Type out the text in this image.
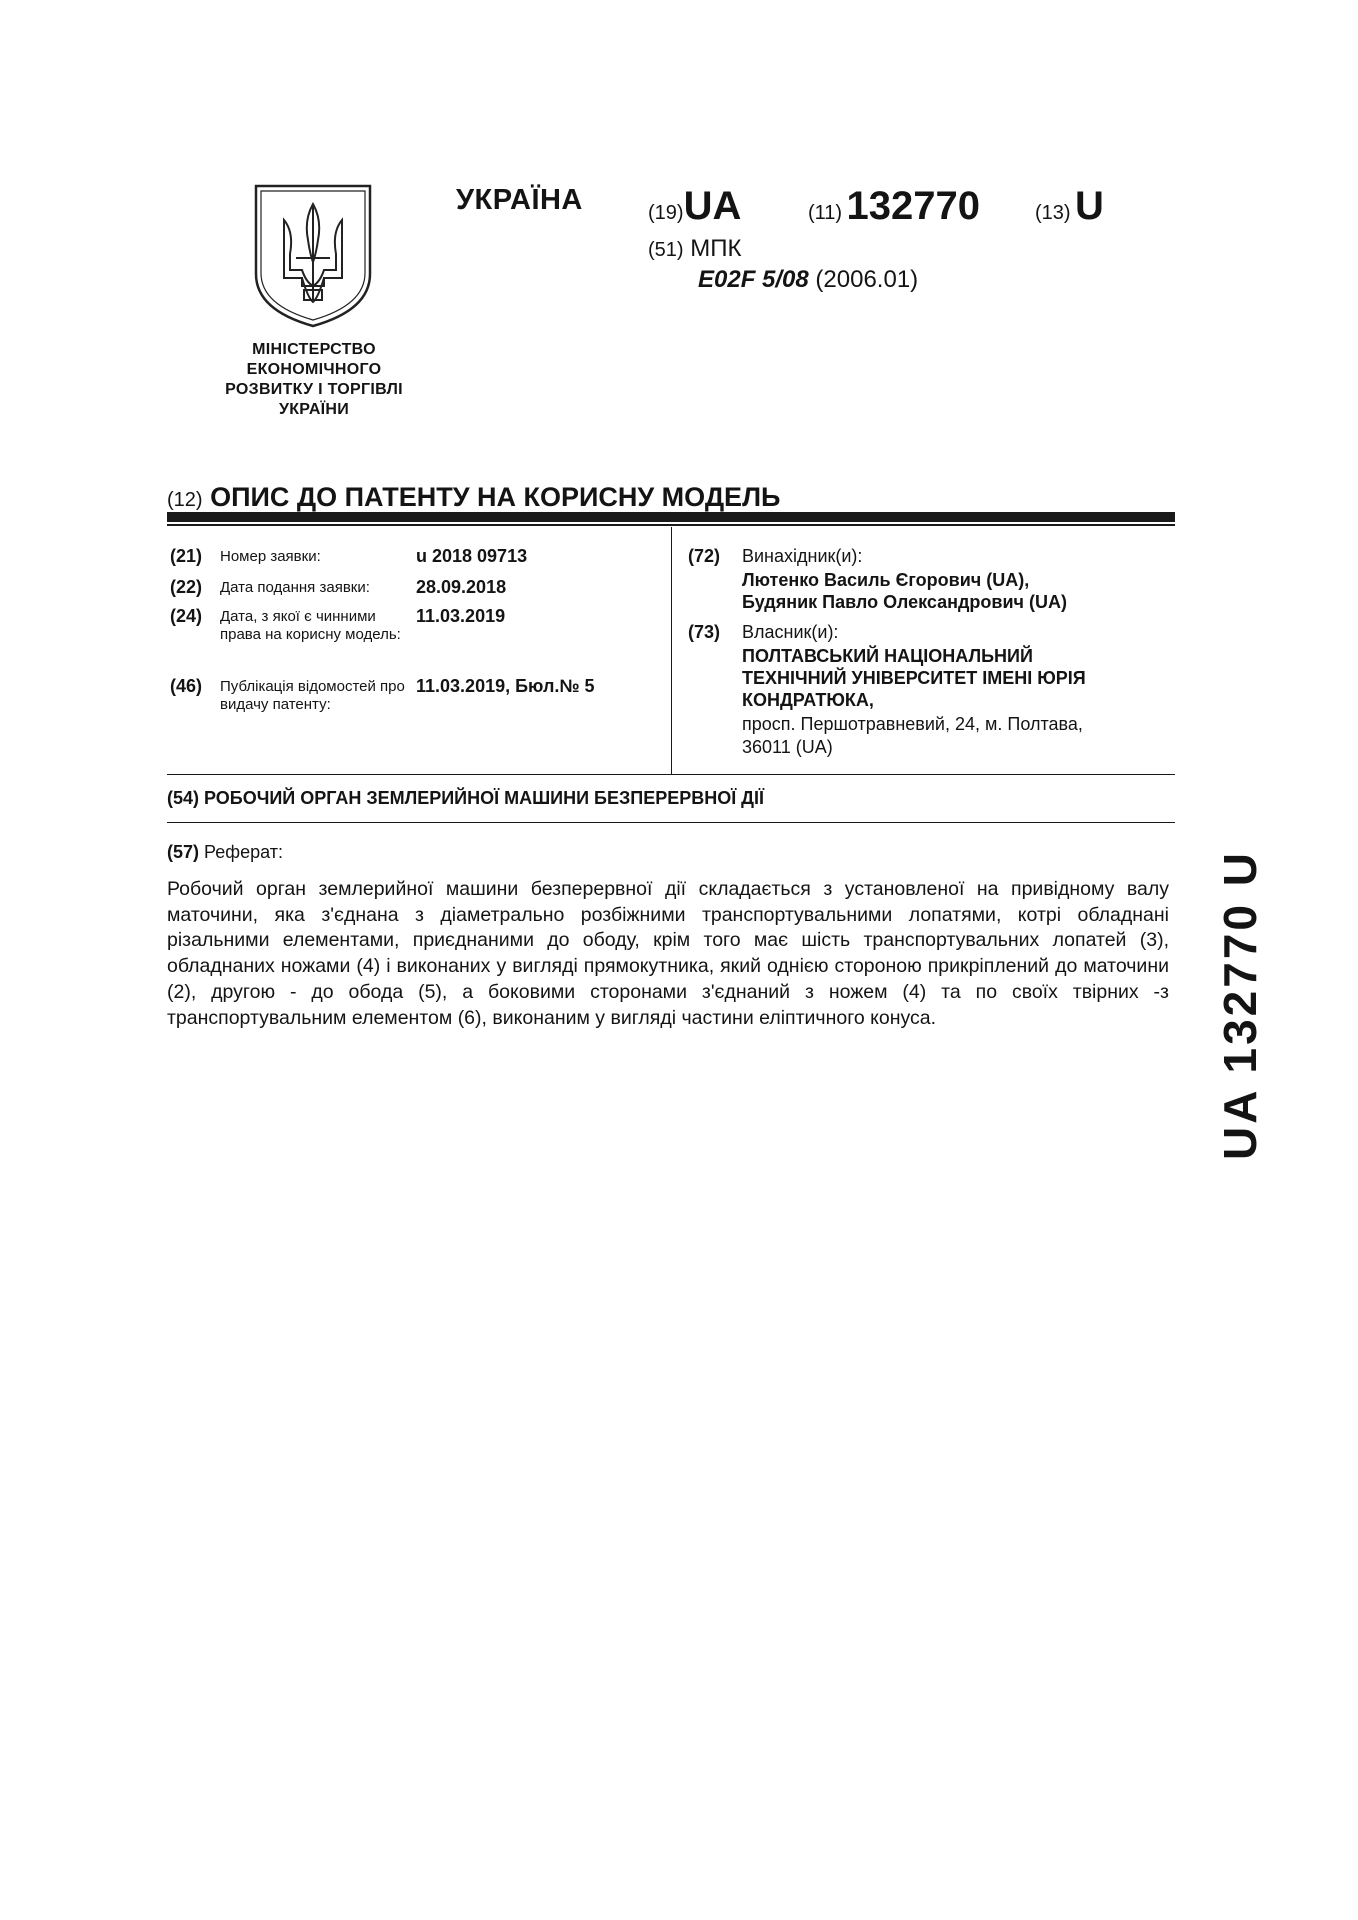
МІНІСТЕРСТВО
ЕКОНОМІЧНОГО
РОЗВИТКУ І ТОРГІВЛІ
УКРАЇНИ
УКРАЇНА	(19)UA	(11) 132770	(13) U
(51) МПК
E02F 5/08 (2006.01)
(12) ОПИС ДО ПАТЕНТУ НА КОРИСНУ МОДЕЛЬ
(21) Номер заявки:	u 2018 09713
(22) Дата подання заявки:	28.09.2018
(24) Дата, з якої є чинними права на корисну модель:
11.03.2019
(46) Публікація відомостей про видачу патенту:
11.03.2019, Бюл.№ 5
(72) Винахідник(и):
Лютенко Василь Єгорович (UA),
Будяник Павло Олександрович (UA)
(73) Власник(и):
ПОЛТАВСЬКИЙ НАЦІОНАЛЬНИЙ
ТЕХНІЧНИЙ УНІВЕРСИТЕТ ІМЕНІ ЮРІЯ
КОНДРАТЮКА,
просп. Першотравневий, 24, м. Полтава,
36011 (UA)
(54) РОБОЧИЙ ОРГАН ЗЕМЛЕРИЙНОЇ МАШИНИ БЕЗПЕРЕРВНОЇ ДІЇ
(57) Реферат:
Робочий орган землерийної машини безперервної дії складається з установленої на привідному валу маточини, яка з'єднана з діаметрально розбіжними транспортувальними лопатями, котрі обладнані різальними елементами, приєднаними до ободу, крім того має шість транспортувальних лопатей (3), обладнаних ножами (4) і виконаних у вигляді прямокутника, який однією стороною прикріплений до маточини (2), другою - до обода (5), а боковими сторонами з'єднаний з ножем (4) та по своїх твірних -з транспортувальним елементом (6), виконаним у вигляді частини еліптичного конуса.	UA 132770 U
